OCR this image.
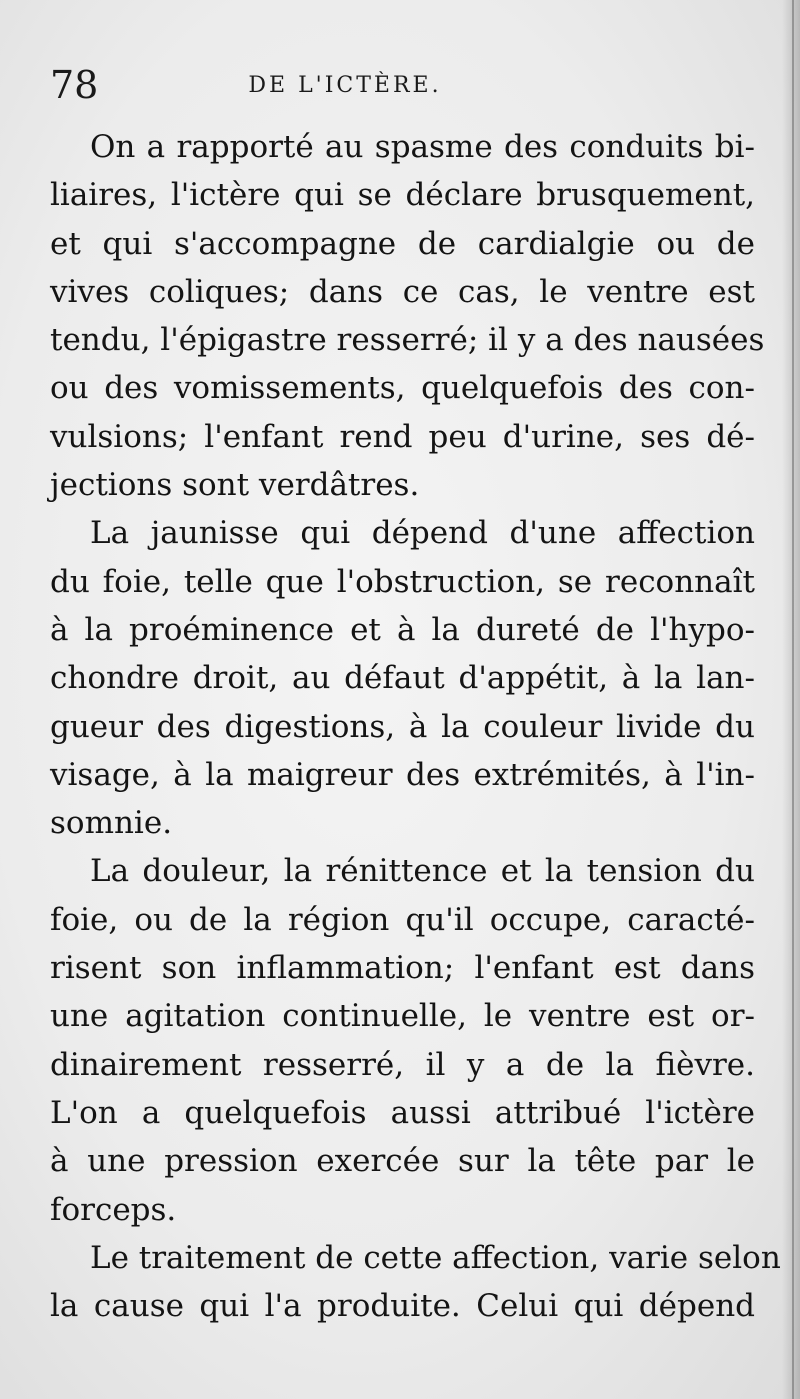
78	DE L'ICTÈRE.
On a rapporté au spasme des conduits bi-
liaires, l'ictère qui se déclare brusquement,
et qui s'accompagne de cardialgie ou de
vives coliques; dans ce cas, le ventre est
tendu, l'épigastre resserré; il y a des nausées
ou des vomissements, quelquefois des con-
vulsions; l'enfant rend peu d'urine, ses dé-
jections sont verdâtres.
La jaunisse qui dépend d'une affection
du foie, telle que l'obstruction, se reconnaît
à la proéminence et à la dureté de l'hypo-
chondre droit, au défaut d'appétit, à la lan-
gueur des digestions, à la couleur livide du
visage, à la maigreur des extrémités, à l'in-
somnie.
La douleur, la rénittence et la tension du
foie, ou de la région qu'il occupe, caracté-
risent son inflammation; l'enfant est dans
une agitation continuelle, le ventre est or-
dinairement resserré, il y a de la fièvre.
L'on a quelquefois aussi attribué l'ictère
à une pression exercée sur la tête par le
forceps.
Le traitement de cette affection, varie selon
la cause qui l'a produite. Celui qui dépend
